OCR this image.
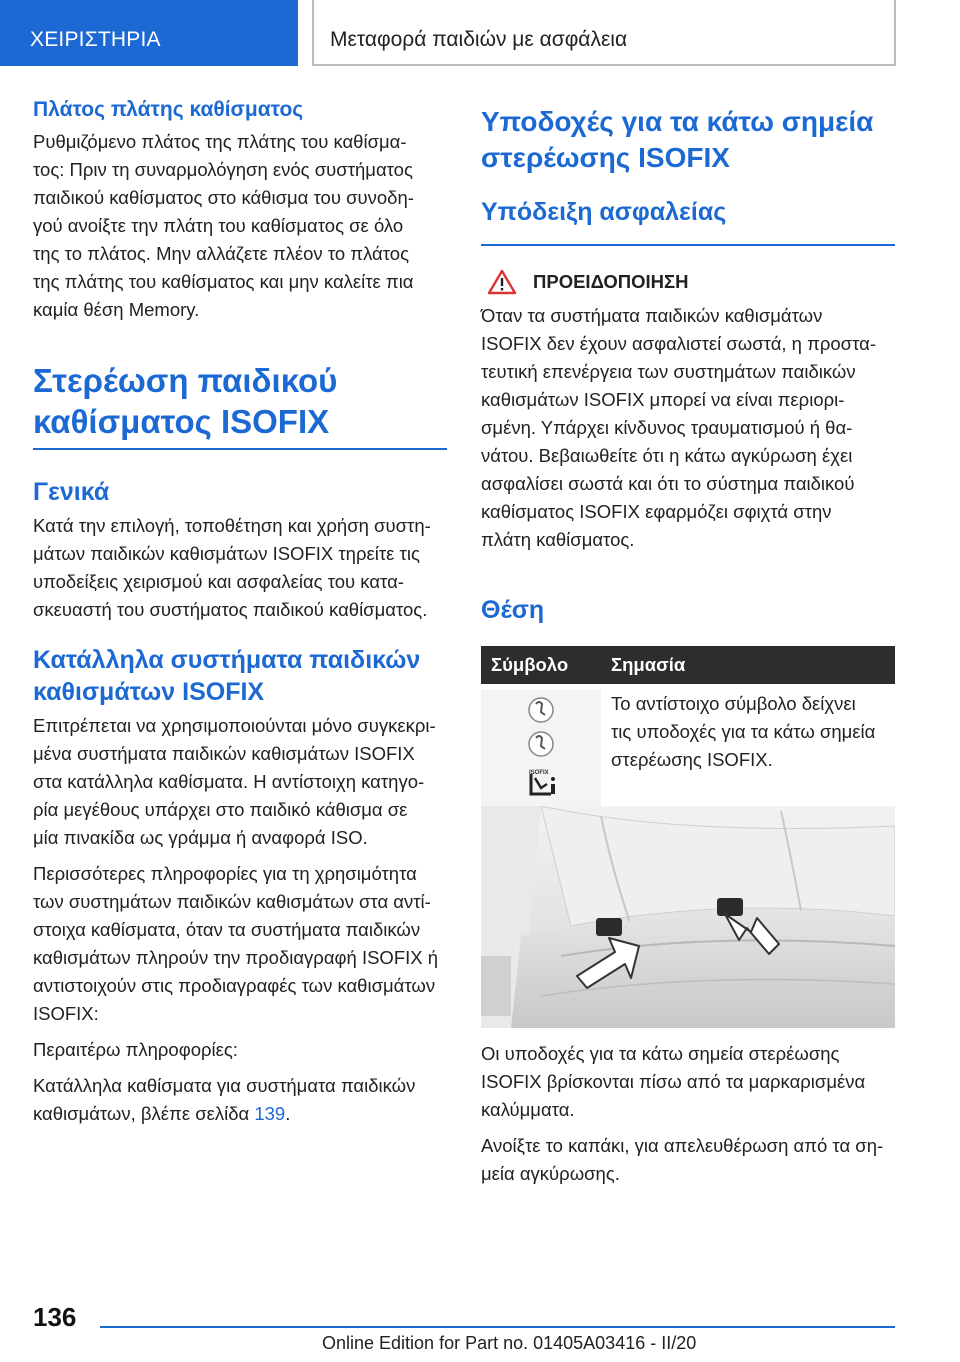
ΧΕΙΡΙΣΤΗΡΙΑ	Μεταφορά παιδιών με ασφάλεια
Πλάτος πλάτης καθίσματος
Ρυθμιζόμενο πλάτος της πλάτης του καθίσμα-
τος: Πριν τη συναρμολόγηση ενός συστήματος
παιδικού καθίσματος στο κάθισμα του συνοδη-
γού ανοίξτε την πλάτη του καθίσματος σε όλο
της το πλάτος. Μην αλλάζετε πλέον το πλάτος
της πλάτης του καθίσματος και μην καλείτε πια
καμία θέση Memory.
Στερέωση παιδικού
καθίσματος ISOFIX
Γενικά
Κατά την επιλογή, τοποθέτηση και χρήση συστη-
μάτων παιδικών καθισμάτων ISOFIX τηρείτε τις
υποδείξεις χειρισμού και ασφαλείας του κατα-
σκευαστή του συστήματος παιδικού καθίσματος.
Κατάλληλα συστήματα παιδικών
καθισμάτων ISOFIX
Επιτρέπεται να χρησιμοποιούνται μόνο συγκεκρι-
μένα συστήματα παιδικών καθισμάτων ISOFIX
στα κατάλληλα καθίσματα. Η αντίστοιχη κατηγο-
ρία μεγέθους υπάρχει στο παιδικό κάθισμα σε
μία πινακίδα ως γράμμα ή αναφορά ISO.
Περισσότερες πληροφορίες για τη χρησιμότητα
των συστημάτων παιδικών καθισμάτων στα αντί-
στοιχα καθίσματα, όταν τα συστήματα παιδικών
καθισμάτων πληρούν την προδιαγραφή ISOFIX ή
αντιστοιχούν στις προδιαγραφές των καθισμάτων
ISOFIX:
Περαιτέρω πληροφορίες:
Κατάλληλα καθίσματα για συστήματα παιδικών
καθισμάτων, βλέπε σελίδα 139.
Υποδοχές για τα κάτω σημεία
στερέωσης ISOFIX
Υπόδειξη ασφαλείας
ΠΡΟΕΙΔΟΠΟΙΗΣΗ
Όταν τα συστήματα παιδικών καθισμάτων
ISOFIX δεν έχουν ασφαλιστεί σωστά, η προστα-
τευτική επενέργεια των συστημάτων παιδικών
καθισμάτων ISOFIX μπορεί να είναι περιορι-
σμένη. Υπάρχει κίνδυνος τραυματισμού ή θα-
νάτου. Βεβαιωθείτε ότι η κάτω αγκύρωση έχει
ασφαλίσει σωστά και ότι το σύστημα παιδικού
καθίσματος ISOFIX εφαρμόζει σφιχτά στην
πλάτη καθίσματος.
Θέση
Σύμβολο	Σημασία

ISOFIX	Το αντίστοιχο σύμβολο δείχνει
τις υποδοχές για τα κάτω σημεία
στερέωσης ISOFIX.
Οι υποδοχές για τα κάτω σημεία στερέωσης
ISOFIX βρίσκονται πίσω από τα μαρκαρισμένα
καλύμματα.
Ανοίξτε το καπάκι, για απελευθέρωση από τα ση-
μεία αγκύρωσης.
136
Online Edition for Part no. 01405A03416 - II/20
